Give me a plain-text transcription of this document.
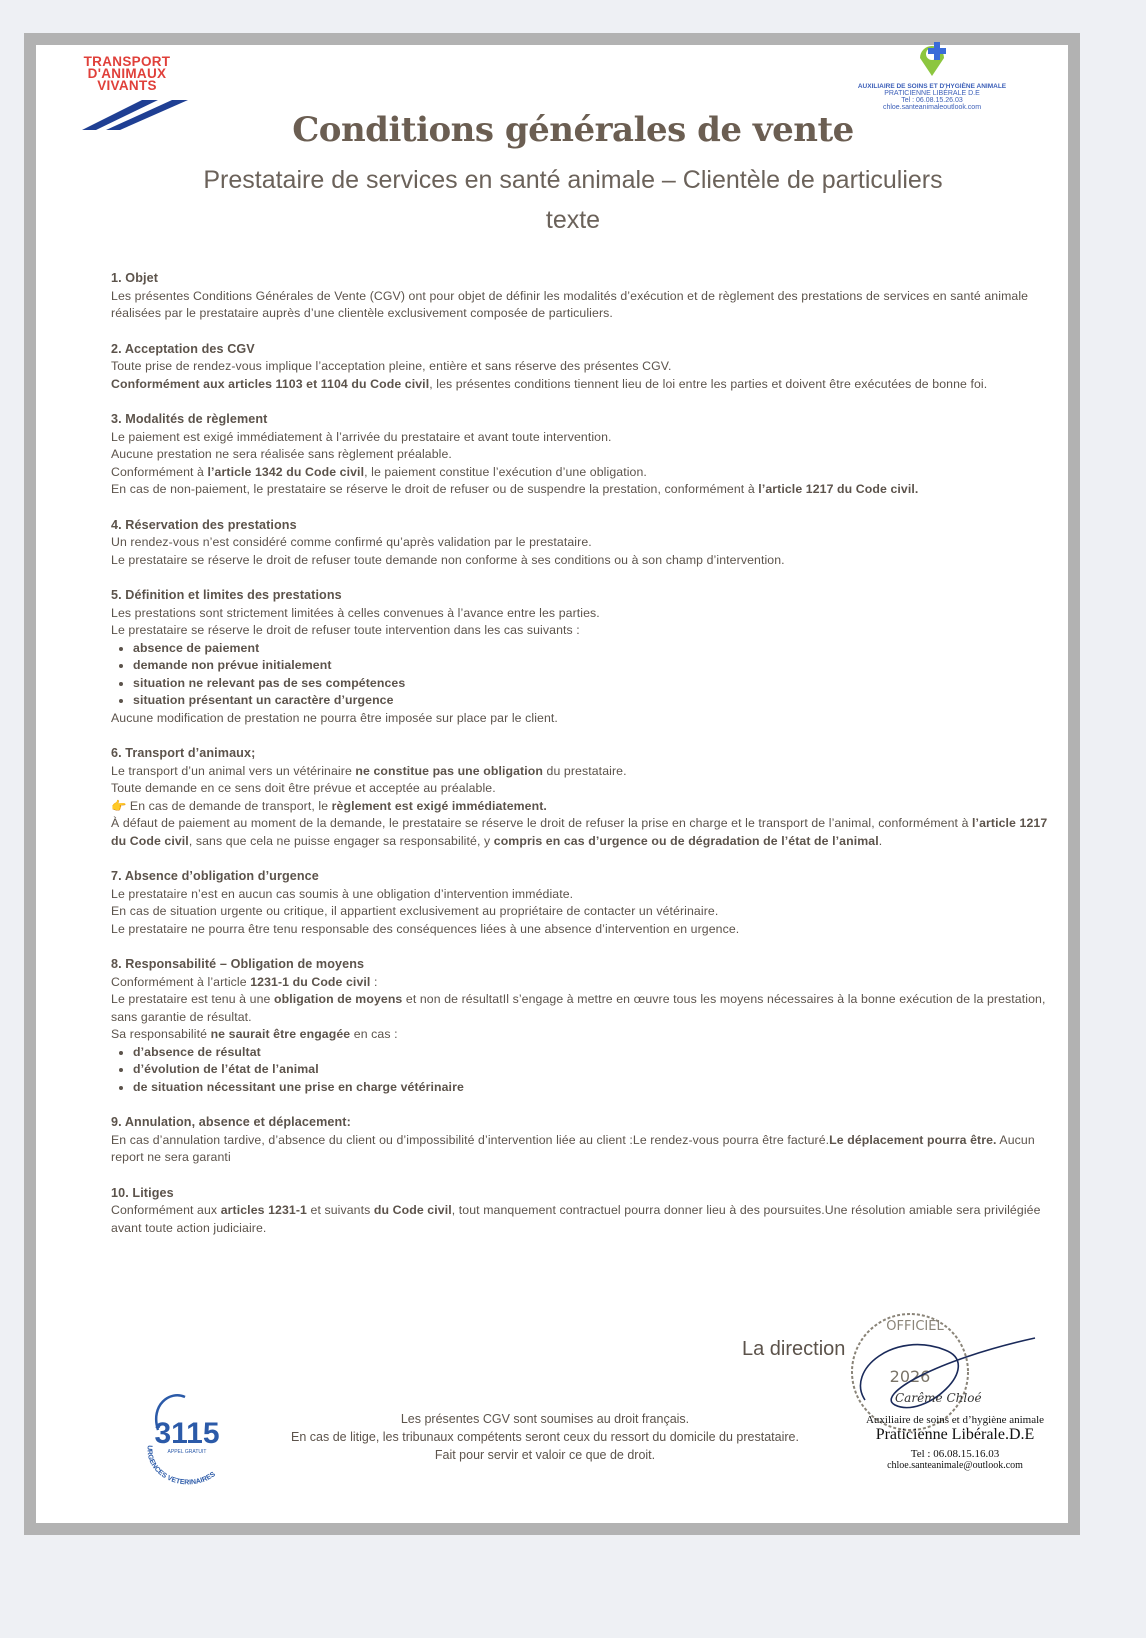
TRANSPORT
D'ANIMAUX
VIVANTS	AUXILIAIRE DE SOINS ET D'HYGIÈNE ANIMALE
PRATICIENNE LIBÉRALE D.E
Tel : 06.08.15.26.03
chloe.santeanimaleoutlook.com
Conditions générales de vente
Prestataire de services en santé animale – Clientèle de particuliers texte
1. Objet

Les présentes Conditions Générales de Vente (CGV) ont pour objet de définir les modalités d’exécution et de règlement des prestations de services en santé animale réalisées par le prestataire auprès d’une clientèle exclusivement composée de particuliers.

2. Acceptation des CGV

Toute prise de rendez-vous implique l’acceptation pleine, entière et sans réserve des présentes CGV.

Conformément aux articles 1103 et 1104 du Code civil, les présentes conditions tiennent lieu de loi entre les parties et doivent être exécutées de bonne foi.

3. Modalités de règlement

Le paiement est exigé immédiatement à l’arrivée du prestataire et avant toute intervention.

Aucune prestation ne sera réalisée sans règlement préalable.

Conformément à l’article 1342 du Code civil, le paiement constitue l’exécution d’une obligation.

En cas de non-paiement, le prestataire se réserve le droit de refuser ou de suspendre la prestation, conformément à l’article 1217 du Code civil.

4. Réservation des prestations

Un rendez-vous n’est considéré comme confirmé qu’après validation par le prestataire.

Le prestataire se réserve le droit de refuser toute demande non conforme à ses conditions ou à son champ d’intervention.

5. Définition et limites des prestations

Les prestations sont strictement limitées à celles convenues à l’avance entre les parties.

Le prestataire se réserve le droit de refuser toute intervention dans les cas suivants :

• absence de paiement
• demande non prévue initialement
• situation ne relevant pas de ses compétences
• situation présentant un caractère d’urgence

Aucune modification de prestation ne pourra être imposée sur place par le client.

6. Transport d’animaux;

Le transport d’un animal vers un vétérinaire ne constitue pas une obligation du prestataire.

Toute demande en ce sens doit être prévue et acceptée au préalable.

👉 En cas de demande de transport, le règlement est exigé immédiatement.

À défaut de paiement au moment de la demande, le prestataire se réserve le droit de refuser la prise en charge et le transport de l’animal, conformément à l’article 1217 du Code civil, sans que cela ne puisse engager sa responsabilité, y compris en cas d’urgence ou de dégradation de l’état de l’animal.

7. Absence d’obligation d’urgence

Le prestataire n’est en aucun cas soumis à une obligation d’intervention immédiate.

En cas de situation urgente ou critique, il appartient exclusivement au propriétaire de contacter un vétérinaire.

Le prestataire ne pourra être tenu responsable des conséquences liées à une absence d’intervention en urgence.

8. Responsabilité – Obligation de moyens

Conformément à l’article 1231-1 du Code civil :

Le prestataire est tenu à une obligation de moyens et non de résultatIl s’engage à mettre en œuvre tous les moyens nécessaires à la bonne exécution de la prestation, sans garantie de résultat.

Sa responsabilité ne saurait être engagée en cas :

• d’absence de résultat
• d’évolution de l’état de l’animal
• de situation nécessitant une prise en charge vétérinaire
9. Annulation, absence et déplacement:

En cas d’annulation tardive, d’absence du client ou d’impossibilité d’intervention liée au client :Le rendez-vous pourra être facturé.Le déplacement pourra être. Aucun report ne sera garanti

10. Litiges

Conformément aux articles 1231-1 et suivants du Code civil, tout manquement contractuel pourra donner lieu à des poursuites.Une résolution amiable sera privilégiée avant toute action judiciaire.

La direction
OFFICIEL
2026
Carême Chloé
Auxiliaire de soins et d’hygiène animale
Praticienne Libérale.D.E
Tel : 06.08.15.16.03
chloe.santeanimale@outlook.com
3115
APPEL GRATUIT
URGENCES VETERINAIRES
Les présentes CGV sont soumises au droit français.
En cas de litige, les tribunaux compétents seront ceux du ressort du domicile du prestataire.
Fait pour servir et valoir ce que de droit.
